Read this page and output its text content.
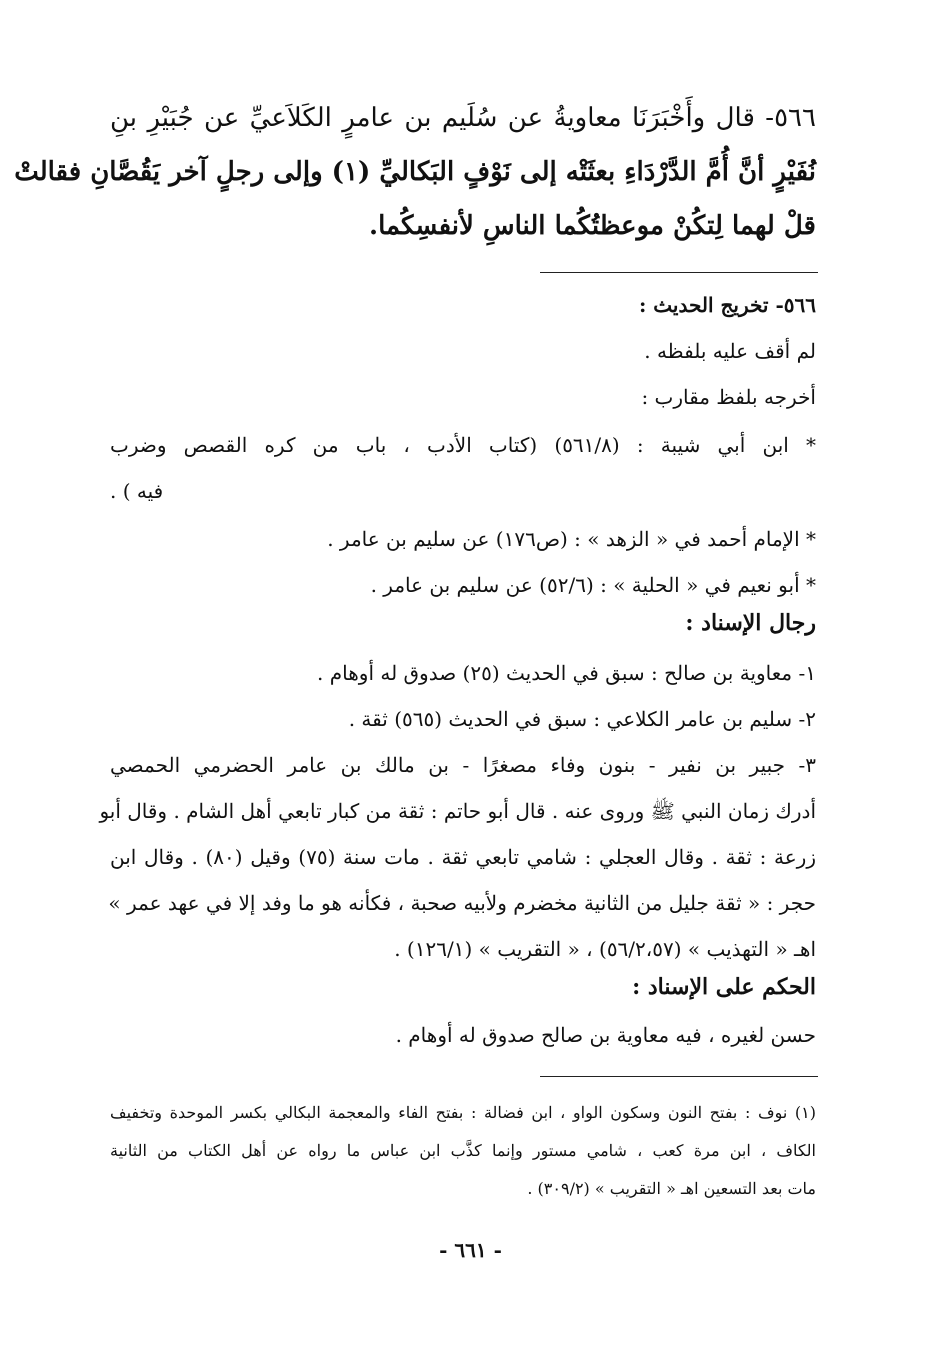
٥٦٦- قال وأَخْبَرَنَا معاويةُ عن سُلَيم بن عامرٍ الكَلاَعيِّ عن جُبَيْرِ بنِ
نُفَيْرٍ أنَّ أُمَّ الدَّرْدَاءِ بعثَتْه إلى نَوْفٍ البَكاليِّ (١) وإلى رجلٍ آخر يَقُصَّانِ فقالتْ
قلْ لهما لِتكُنْ موعظتُكُما الناسِ لأنفسِكُما.
٥٦٦- تخريج الحديث :
لم أقف عليه بلفظه .
أخرجه بلفظ مقارب :
* ابن أبي شيبة : (٥٦١/٨) (كتاب الأدب ، باب من كره القصص وضرب
فيه ) .
* الإمام أحمد في « الزهد » : (ص١٧٦) عن سليم بن عامر .
* أبو نعيم في « الحلية » : (٥٢/٦) عن سليم بن عامر .
رجال الإسناد :
١- معاوية بن صالح : سبق في الحديث (٢٥) صدوق له أوهام .
٢- سليم بن عامر الكلاعي : سبق في الحديث (٥٦٥) ثقة .
٣- جبير بن نفير - بنون وفاء مصغرًا - بن مالك بن عامر الحضرمي الحمصي
أدرك زمان النبي ﷺ وروى عنه . قال أبو حاتم : ثقة من كبار تابعي أهل الشام . وقال أبو
زرعة : ثقة . وقال العجلي : شامي تابعي ثقة . مات سنة (٧٥) وقيل (٨٠) . وقال ابن
حجر : « ثقة جليل من الثانية مخضرم ولأبيه صحبة ، فكأنه هو ما وفد إلا في عهد عمر »
اهـ « التهذيب » (٥٦/٢،٥٧) ، « التقريب » (١٢٦/١) .
الحكم على الإسناد :
حسن لغيره ، فيه معاوية بن صالح صدوق له أوهام .
(١) نوف : بفتح النون وسكون الواو ، ابن فضالة : بفتح الفاء والمعجمة البكالي بكسر الموحدة وتخفيف
الكاف ، ابن مرة كعب ، شامي مستور وإنما كذَّب ابن عباس ما رواه عن أهل الكتاب من الثانية
مات بعد التسعين اهـ « التقريب » (٣٠٩/٢) .
- ٦٦١ -
